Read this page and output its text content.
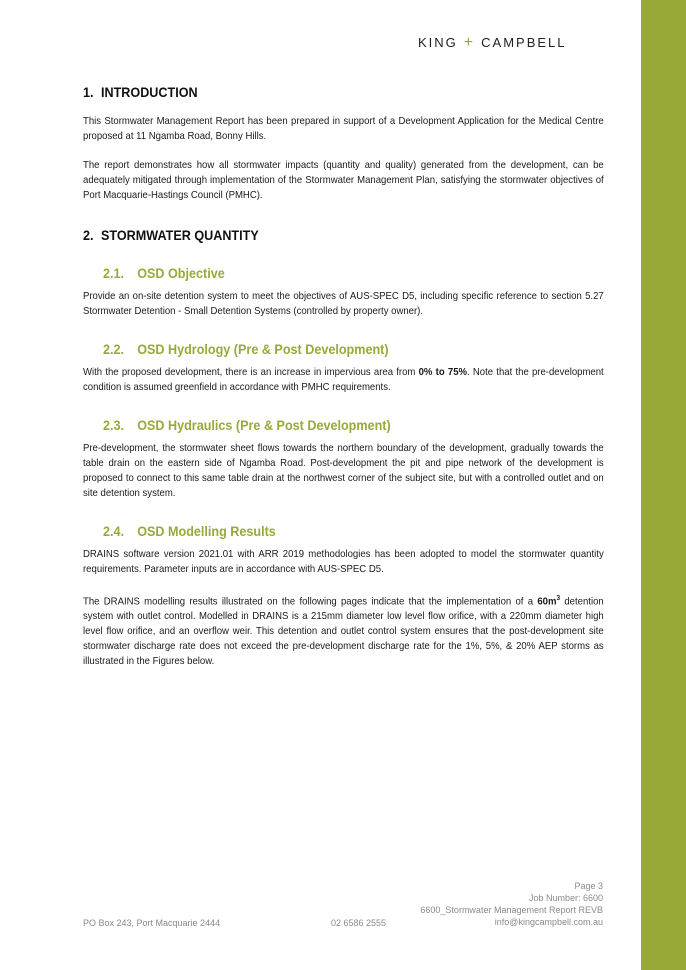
KING + CAMPBELL
1. INTRODUCTION

This Stormwater Management Report has been prepared in support of a Development Application for the Medical Centre proposed at 11 Ngamba Road, Bonny Hills.

The report demonstrates how all stormwater impacts (quantity and quality) generated from the development, can be adequately mitigated through implementation of the Stormwater Management Plan, satisfying the stormwater objectives of Port Macquarie-Hastings Council (PMHC).

2. STORMWATER QUANTITY
2.1. OSD Objective

Provide an on-site detention system to meet the objectives of AUS-SPEC D5, including specific reference to section 5.27 Stormwater Detention - Small Detention Systems (controlled by property owner).

2.2. OSD Hydrology (Pre & Post Development)

With the proposed development, there is an increase in impervious area from 0% to 75%. Note that the pre-development condition is assumed greenfield in accordance with PMHC requirements.

2.3. OSD Hydraulics (Pre & Post Development)

Pre-development, the stormwater sheet flows towards the northern boundary of the development, gradually towards the table drain on the eastern side of Ngamba Road. Post-development the pit and pipe network of the development is proposed to connect to this same table drain at the northwest corner of the subject site, but with a controlled outlet and on site detention system.

2.4. OSD Modelling Results

DRAINS software version 2021.01 with ARR 2019 methodologies has been adopted to model the stormwater quantity requirements. Parameter inputs are in accordance with AUS-SPEC D5.

The DRAINS modelling results illustrated on the following pages indicate that the implementation of a $60m^3$ detention system with outlet control. Modelled in DRAINS is a 215mm diameter low level flow orifice, with a 220mm diameter high level flow orifice, and an overflow weir. This detention and outlet control system ensures that the post-development site stormwater discharge rate does not exceed the pre-development discharge rate for the 1%, 5%, & 20% AEP storms as illustrated in the Figures below.

Page 3
Job Number: 6600
6600_Stormwater Management Report REVB
info@kingcampbell.com.au
PO Box 243, Port Macquarie 2444	02 6586 2555
